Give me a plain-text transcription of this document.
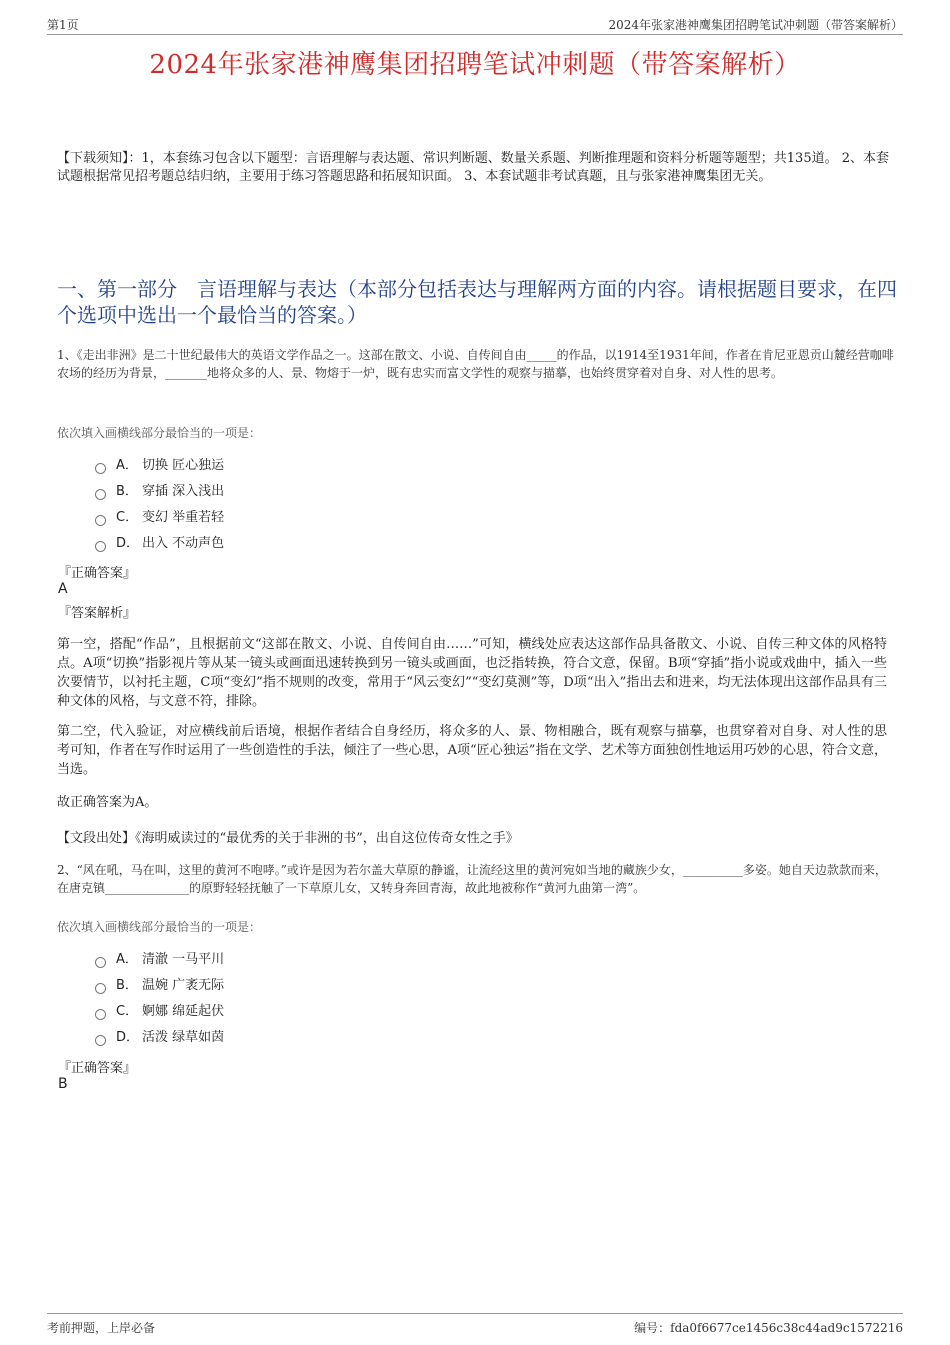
第1页	2024年张家港神鹰集团招聘笔试冲刺题（带答案解析）
2024年张家港神鹰集团招聘笔试冲刺题（带答案解析）
【下载须知】：1，本套练习包含以下题型：言语理解与表达题、常识判断题、数量关系题、判断推理题和资料分析题等题型；共135道。 2、本套试题根据常见招考题总结归纳，主要用于练习答题思路和拓展知识面。 3、本套试题非考试真题，且与张家港神鹰集团无关。
一、第一部分　言语理解与表达（本部分包括表达与理解两方面的内容。请根据题目要求，在四个选项中选出一个最恰当的答案。）
1、《走出非洲》是二十世纪最伟大的英语文学作品之一。这部在散文、小说、自传间自由_____的作品，以1914至1931年间，作者在肯尼亚恩贡山麓经营咖啡农场的经历为背景，_______地将众多的人、景、物熔于一炉，既有忠实而富文学性的观察与描摹，也始终贯穿着对自身、对人性的思考。
依次填入画横线部分最恰当的一项是：
A． 切换 匠心独运
B． 穿插 深入浅出
C． 变幻 举重若轻
D． 出入 不动声色
『正确答案』
A
『答案解析』
第一空，搭配“作品”，且根据前文“这部在散文、小说、自传间自由……”可知，横线处应表达这部作品具备散文、小说、自传三种文体的风格特点。A项“切换”指影视片等从某一镜头或画面迅速转换到另一镜头或画面，也泛指转换，符合文意，保留。B项“穿插”指小说或戏曲中，插入一些次要情节，以衬托主题，C项“变幻”指不规则的改变，常用于“风云变幻”“变幻莫测”等，D项“出入”指出去和进来，均无法体现出这部作品具有三种文体的风格，与文意不符，排除。
第二空，代入验证，对应横线前后语境，根据作者结合自身经历，将众多的人、景、物相融合，既有观察与描摹，也贯穿着对自身、对人性的思考可知，作者在写作时运用了一些创造性的手法，倾注了一些心思，A项“匠心独运”指在文学、艺术等方面独创性地运用巧妙的心思，符合文意，当选。
故正确答案为A。
【文段出处】《海明威读过的“最优秀的关于非洲的书”，出自这位传奇女性之手》
2、“风在吼，马在叫，这里的黄河不咆哮。”或许是因为若尔盖大草原的静谧，让流经这里的黄河宛如当地的藏族少女，__________多姿。她自天边款款而来，在唐克镇______________的原野轻轻抚触了一下草原儿女，又转身奔回青海，故此地被称作“黄河九曲第一湾”。
依次填入画横线部分最恰当的一项是：
A． 清澈 一马平川
B． 温婉 广袤无际
C． 婀娜 绵延起伏
D． 活泼 绿草如茵
『正确答案』
B
考前押题，上岸必备	编号：fda0f6677ce1456c38c44ad9c1572216
